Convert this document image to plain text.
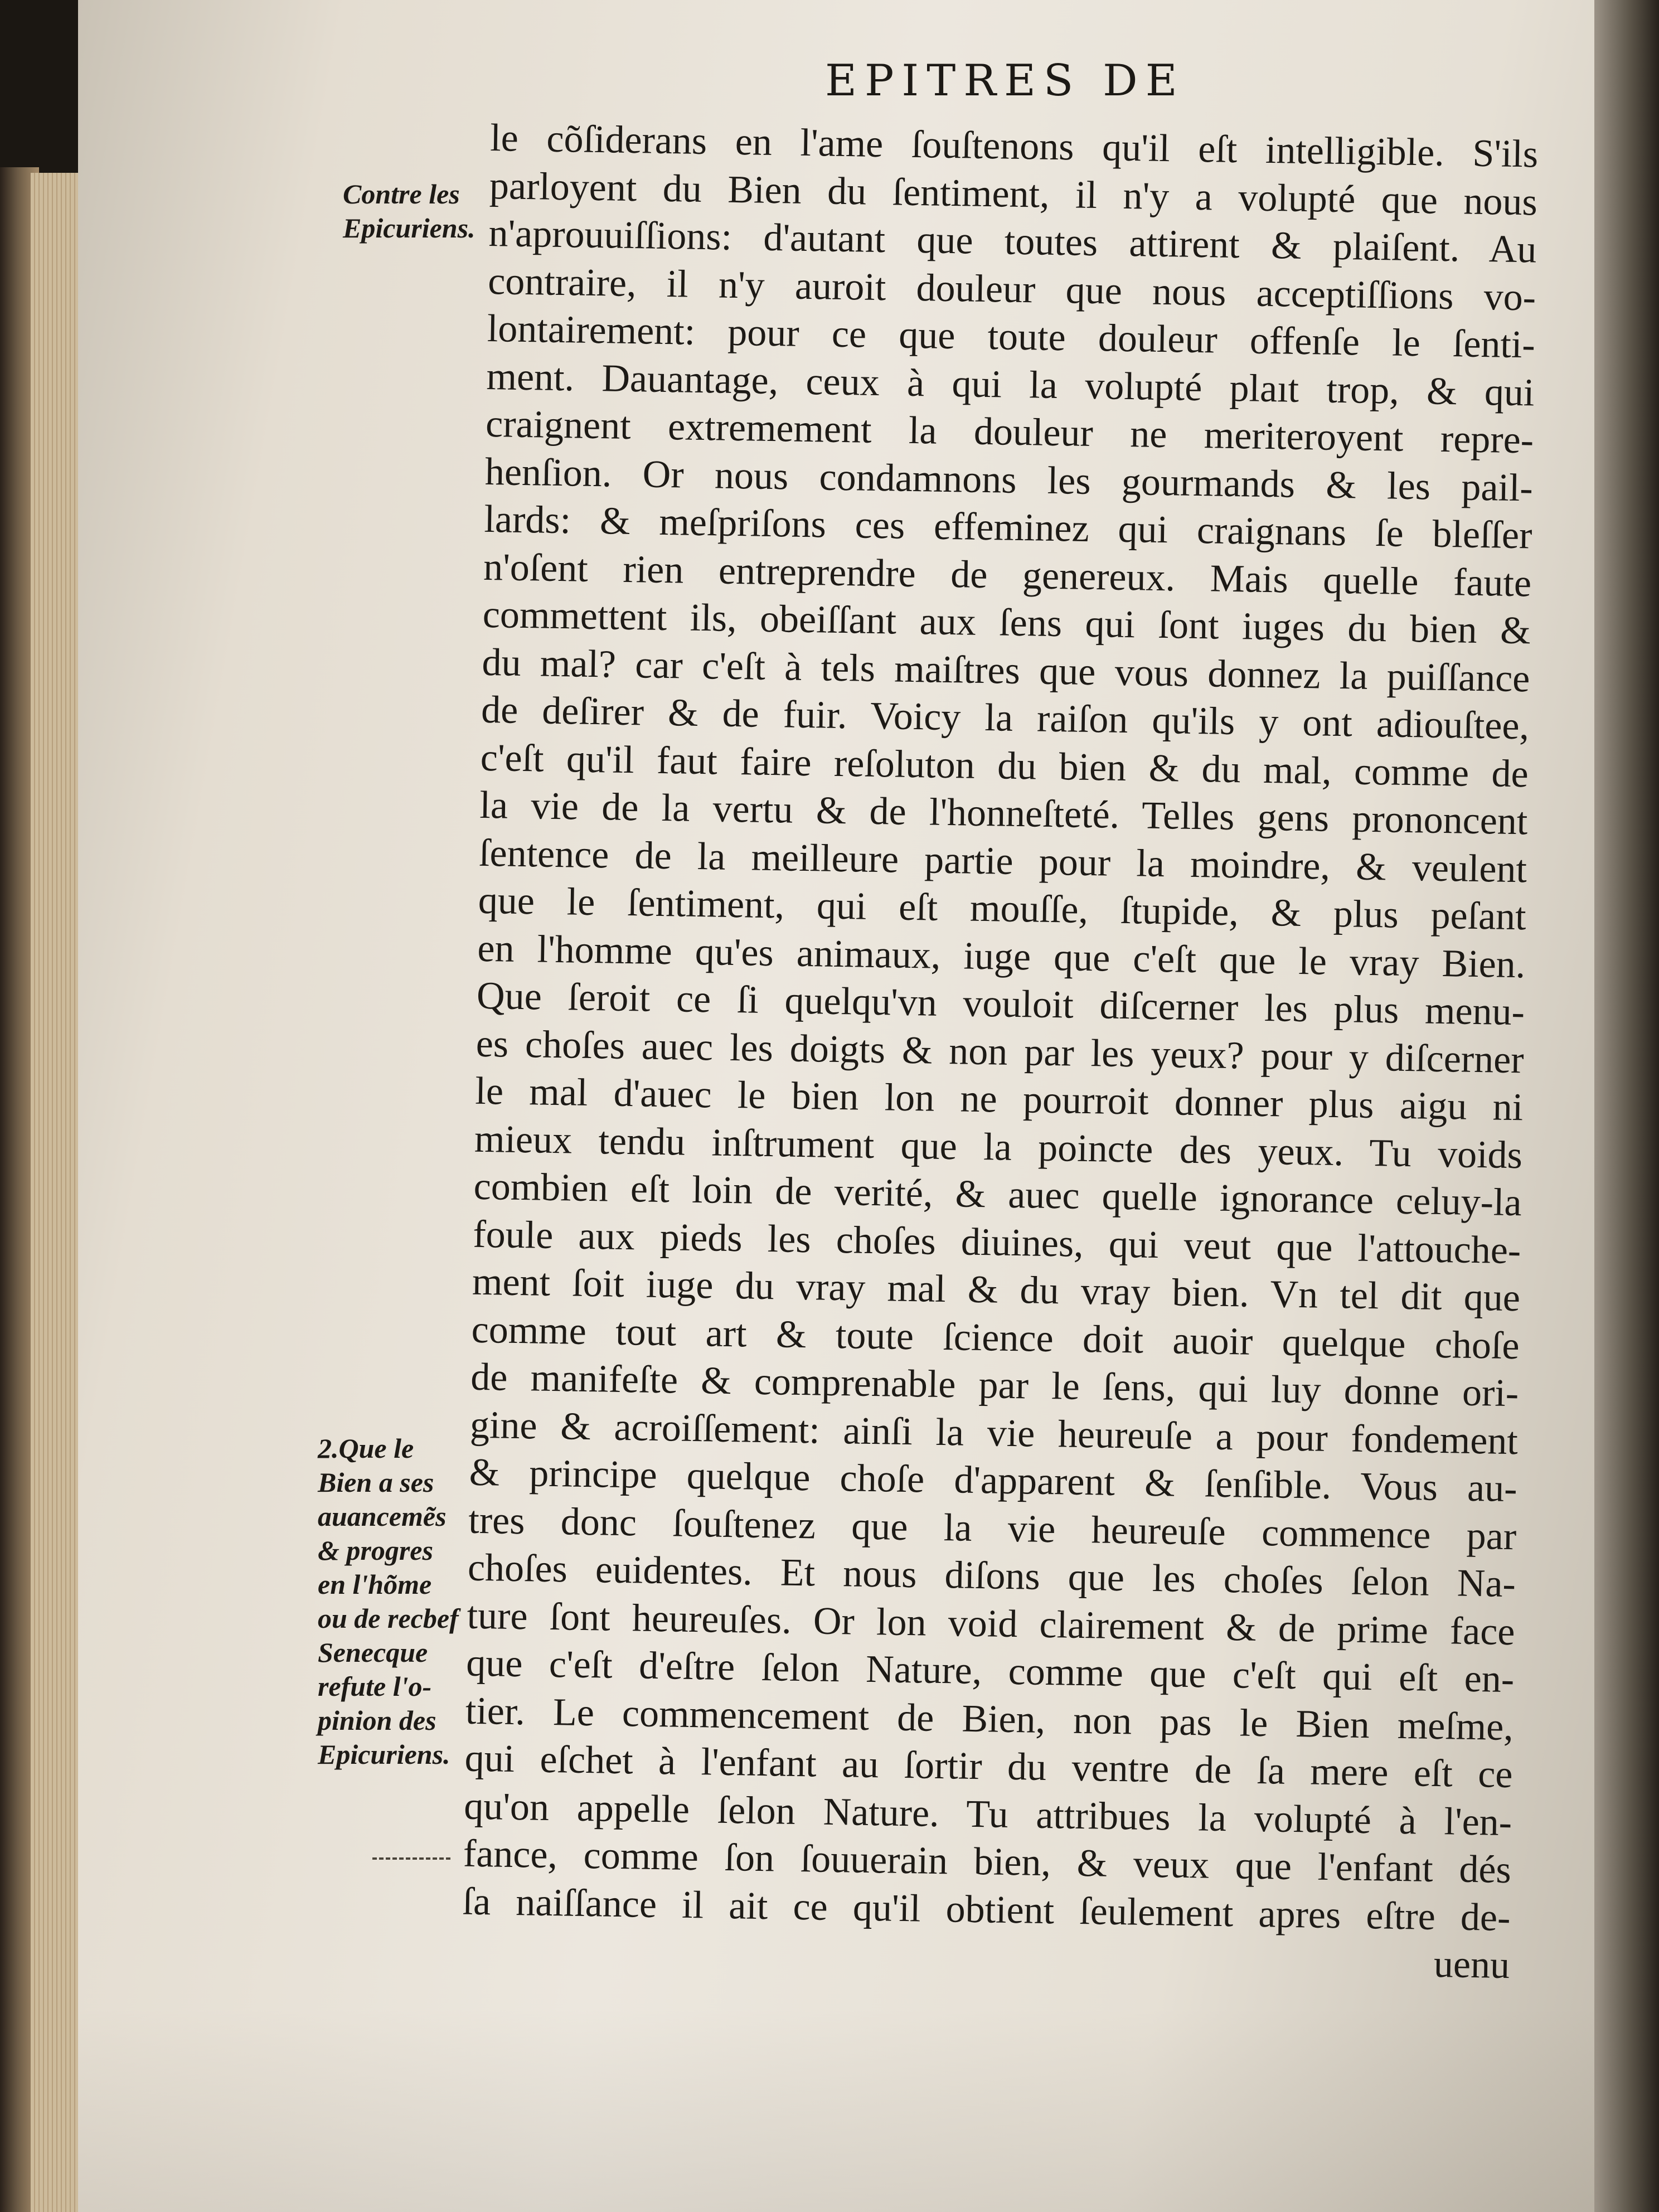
EPITRES DE
Contre les
Epicuriens.
2.Que le
Bien a ses
auancemẽs
& progres
en l'hõme
ou de recbef
Senecque
refute l'o-
pinion des
Epicuriens.
le cõſiderans en l'ame ſouſtenons qu'il eſt intelligible. S'ils
parloyent du Bien du ſentiment, il n'y a volupté que nous
n'aprouuiſſions: d'autant que toutes attirent & plaiſent. Au
contraire, il n'y auroit douleur que nous acceptiſſions vo-
lontairement: pour ce que toute douleur offenſe le ſenti-
ment. Dauantage, ceux à qui la volupté plaıt trop, & qui
craignent extremement la douleur ne meriteroyent repre-
henſion. Or nous condamnons les gourmands & les pail-
lards: & meſpriſons ces effeminez qui craignans ſe bleſſer
n'oſent rien entreprendre de genereux. Mais quelle faute
commettent ils, obeiſſant aux ſens qui ſont iuges du bien &
du mal? car c'eſt à tels maiſtres que vous donnez la puiſſance
de deſirer & de fuir. Voicy la raiſon qu'ils y ont adiouſtee,
c'eſt qu'il faut faire reſoluton du bien & du mal, comme de
la vie de la vertu & de l'honneſteté. Telles gens prononcent
ſentence de la meilleure partie pour la moindre, & veulent
que le ſentiment, qui eſt mouſſe, ſtupide, & plus peſant
en l'homme qu'es animaux, iuge que c'eſt que le vray Bien.
Que ſeroit ce ſi quelqu'vn vouloit diſcerner les plus menu-
es choſes auec les doigts & non par les yeux? pour y diſcerner
le mal d'auec le bien lon ne pourroit donner plus aigu ni
mieux tendu inſtrument que la poincte des yeux. Tu voids
combien eſt loin de verité, & auec quelle ignorance celuy-la
foule aux pieds les choſes diuines, qui veut que l'attouche-
ment ſoit iuge du vray mal & du vray bien. Vn tel dit que
comme tout art & toute ſcience doit auoir quelque choſe
de manifeſte & comprenable par le ſens, qui luy donne ori-
gine & acroiſſement: ainſi la vie heureuſe a pour fondement
& principe quelque choſe d'apparent & ſenſible. Vous au-
tres donc ſouſtenez que la vie heureuſe commence par
choſes euidentes. Et nous diſons que les choſes ſelon Na-
ture ſont heureuſes. Or lon void clairement & de prime face
que c'eſt d'eſtre ſelon Nature, comme que c'eſt qui eſt en-
tier. Le commencement de Bien, non pas le Bien meſme,
qui eſchet à l'enfant au ſortir du ventre de ſa mere eſt ce
qu'on appelle ſelon Nature. Tu attribues la volupté à l'en-
fance, comme ſon ſouuerain bien, & veux que l'enfant dés
ſa naiſſance il ait ce qu'il obtient ſeulement apres eſtre de-
uenu
